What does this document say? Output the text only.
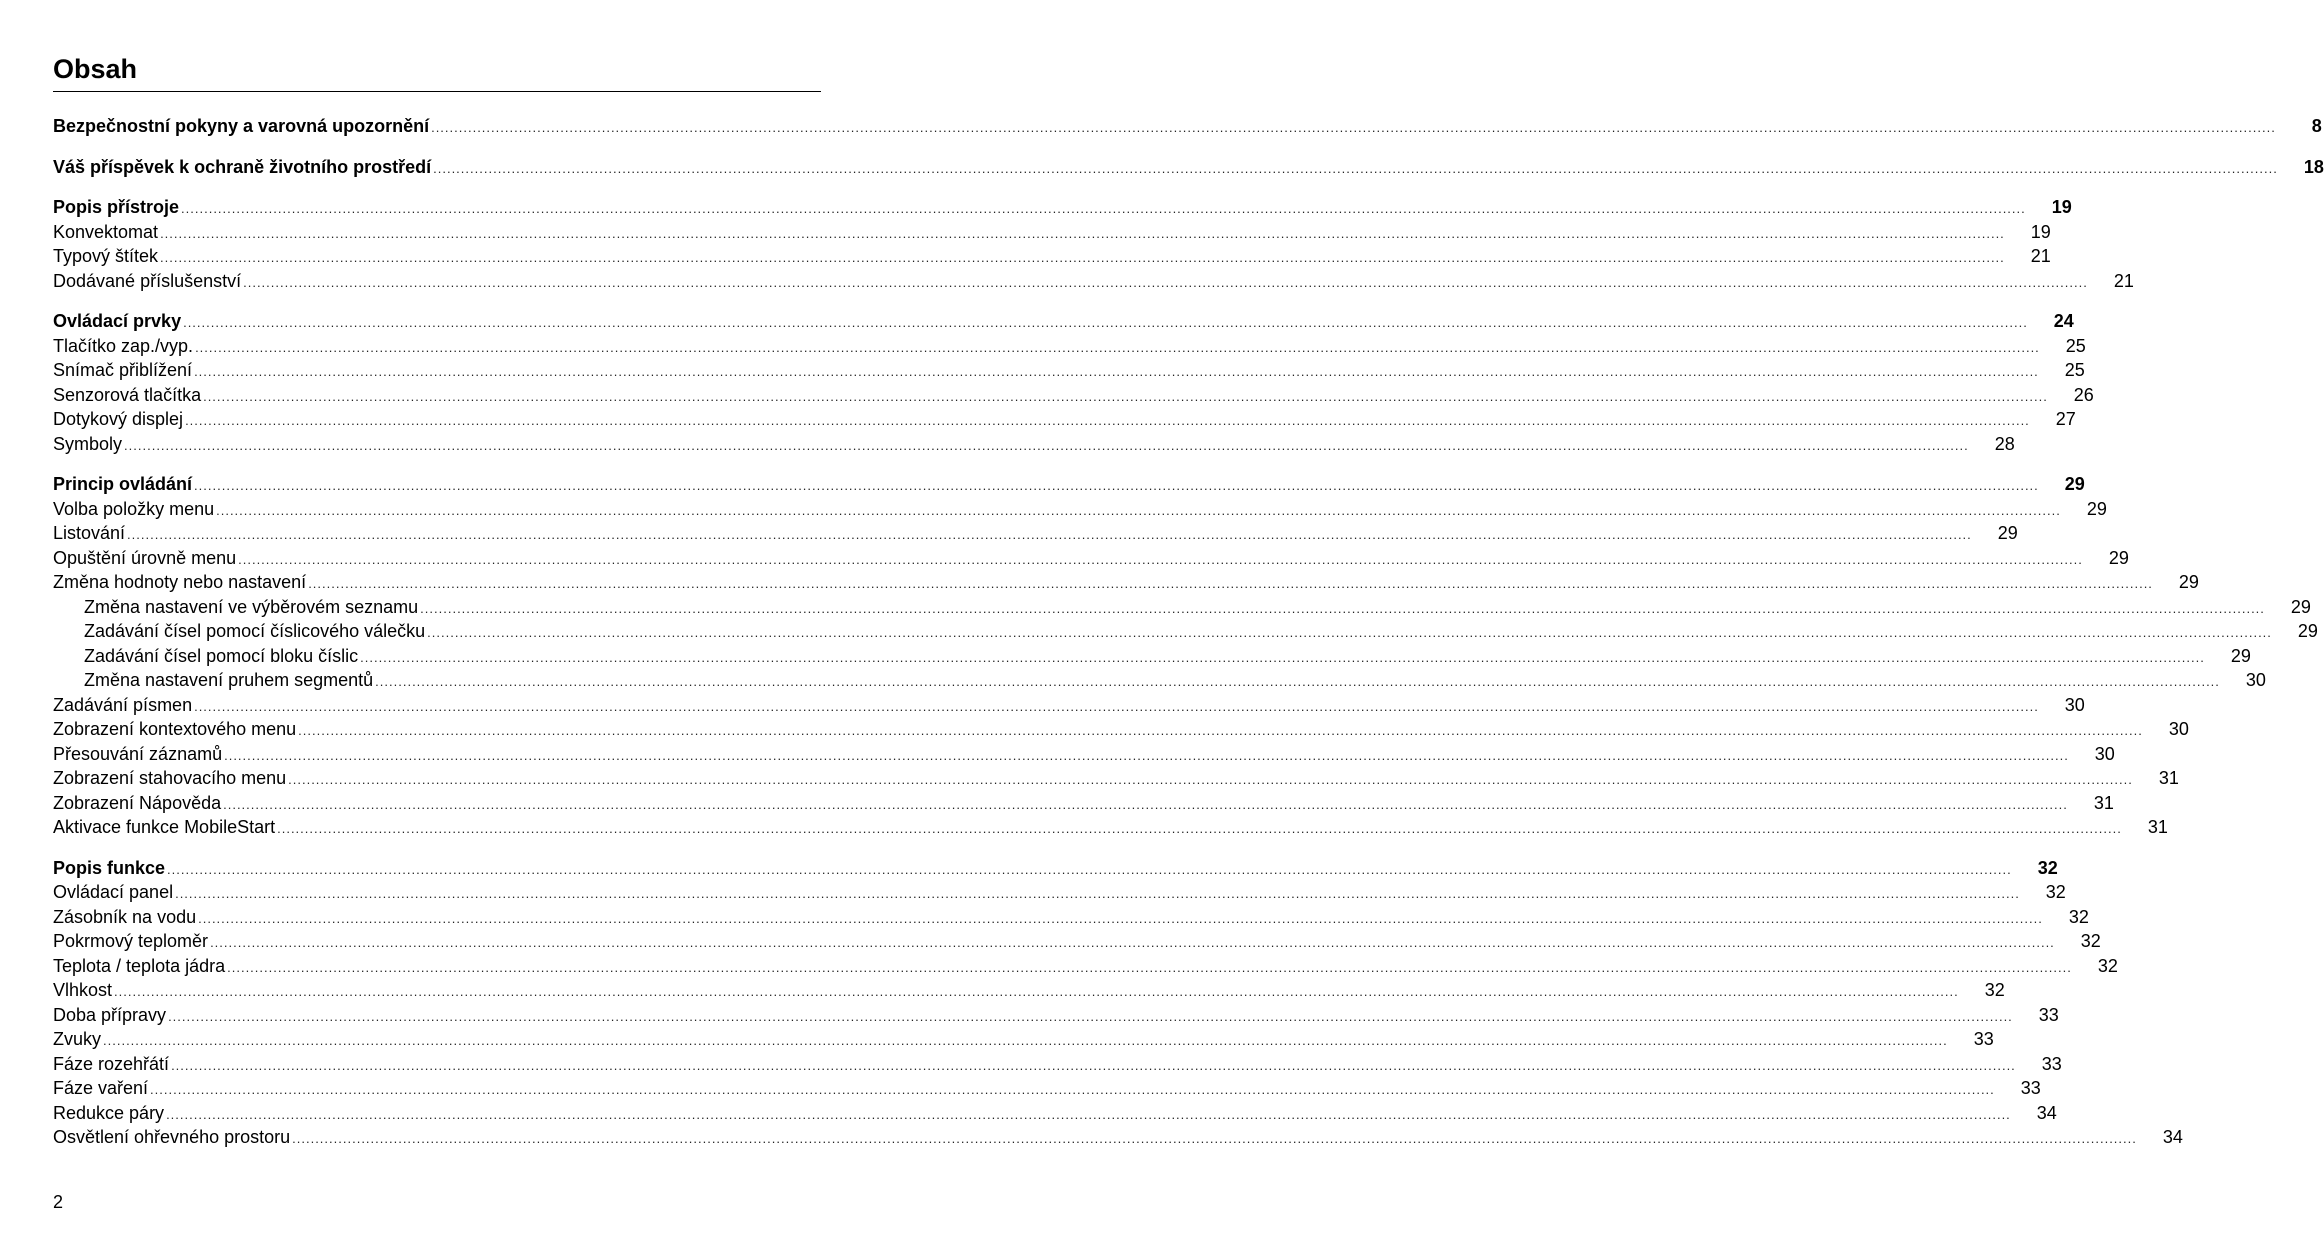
Obsah
Bezpečnostní pokyny a varovná upozornění ................................................................................................................................................................................................................................................................................................................................................................................................................	8
Váš příspěvek k ochraně životního prostředí ................................................................................................................................................................................................................................................................................................................................................................................................................	18
Popis přístroje ................................................................................................................................................................................................................................................................................................................................................................................................................	19
Konvektomat ................................................................................................................................................................................................................................................................................................................................................................................................................	19
Typový štítek ................................................................................................................................................................................................................................................................................................................................................................................................................	21
Dodávané příslušenství ................................................................................................................................................................................................................................................................................................................................................................................................................	21
Ovládací prvky ................................................................................................................................................................................................................................................................................................................................................................................................................	24
Tlačítko zap./vyp. ................................................................................................................................................................................................................................................................................................................................................................................................................	25
Snímač přiblížení ................................................................................................................................................................................................................................................................................................................................................................................................................	25
Senzorová tlačítka ................................................................................................................................................................................................................................................................................................................................................................................................................	26
Dotykový displej ................................................................................................................................................................................................................................................................................................................................................................................................................	27
Symboly ................................................................................................................................................................................................................................................................................................................................................................................................................	28
Princip ovládání ................................................................................................................................................................................................................................................................................................................................................................................................................	29
Volba položky menu ................................................................................................................................................................................................................................................................................................................................................................................................................	29
Listování ................................................................................................................................................................................................................................................................................................................................................................................................................	29
Opuštění úrovně menu ................................................................................................................................................................................................................................................................................................................................................................................................................	29
Změna hodnoty nebo nastavení ................................................................................................................................................................................................................................................................................................................................................................................................................	29
Změna nastavení ve výběrovém seznamu ................................................................................................................................................................................................................................................................................................................................................................................................................	29
Zadávání čísel pomocí číslicového válečku ................................................................................................................................................................................................................................................................................................................................................................................................................	29
Zadávání čísel pomocí bloku číslic ................................................................................................................................................................................................................................................................................................................................................................................................................	29
Změna nastavení pruhem segmentů ................................................................................................................................................................................................................................................................................................................................................................................................................	30
Zadávání písmen ................................................................................................................................................................................................................................................................................................................................................................................................................	30
Zobrazení kontextového menu ................................................................................................................................................................................................................................................................................................................................................................................................................	30
Přesouvání záznamů ................................................................................................................................................................................................................................................................................................................................................................................................................	30
Zobrazení stahovacího menu ................................................................................................................................................................................................................................................................................................................................................................................................................	31
Zobrazení Nápověda ................................................................................................................................................................................................................................................................................................................................................................................................................	31
Aktivace funkce MobileStart ................................................................................................................................................................................................................................................................................................................................................................................................................	31
Popis funkce ................................................................................................................................................................................................................................................................................................................................................................................................................	32
Ovládací panel ................................................................................................................................................................................................................................................................................................................................................................................................................	32
Zásobník na vodu ................................................................................................................................................................................................................................................................................................................................................................................................................	32
Pokrmový teploměr ................................................................................................................................................................................................................................................................................................................................................................................................................	32
Teplota / teplota jádra ................................................................................................................................................................................................................................................................................................................................................................................................................	32
Vlhkost ................................................................................................................................................................................................................................................................................................................................................................................................................	32
Doba přípravy ................................................................................................................................................................................................................................................................................................................................................................................................................	33
Zvuky ................................................................................................................................................................................................................................................................................................................................................................................................................	33
Fáze rozehřátí ................................................................................................................................................................................................................................................................................................................................................................................................................	33
Fáze vaření ................................................................................................................................................................................................................................................................................................................................................................................................................	33
Redukce páry ................................................................................................................................................................................................................................................................................................................................................................................................................	34
Osvětlení ohřevného prostoru ................................................................................................................................................................................................................................................................................................................................................................................................................	34
2
